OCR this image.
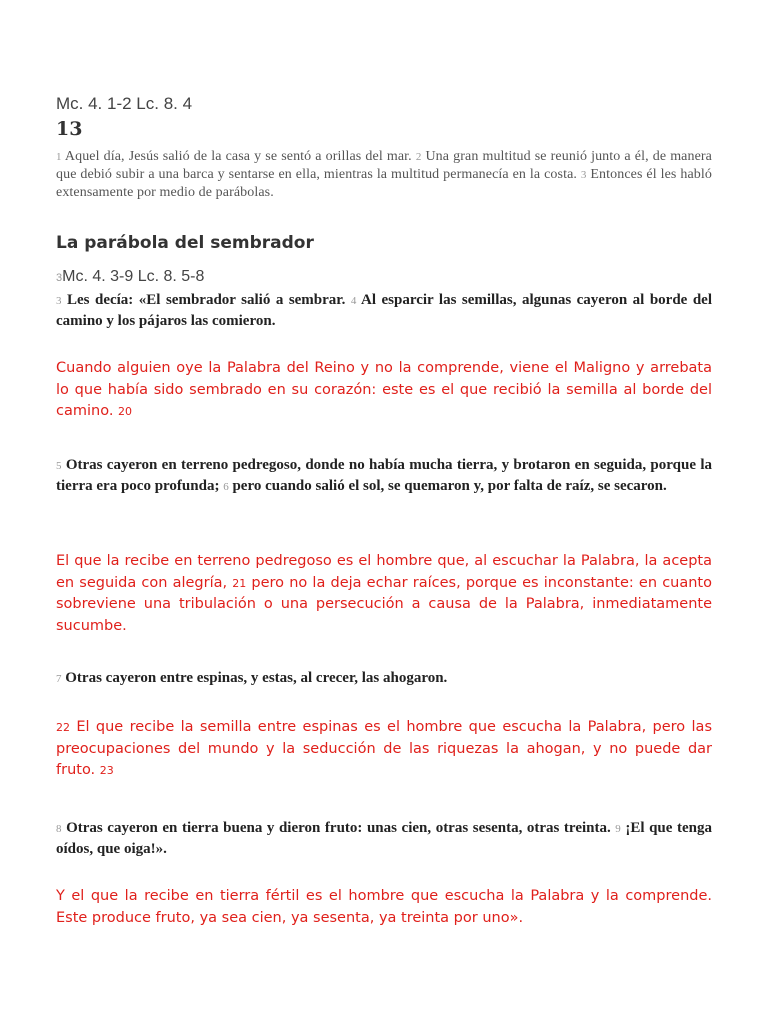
Mc. 4. 1-2 Lc. 8. 4
13
1 Aquel día, Jesús salió de la casa y se sentó a orillas del mar. 2 Una gran multitud se reunió junto a él, de manera que debió subir a una barca y sentarse en ella, mientras la multitud permanecía en la costa. 3 Entonces él les habló extensamente por medio de parábolas.
La parábola del sembrador
3Mc. 4. 3-9 Lc. 8. 5-8
3 Les decía: «El sembrador salió a sembrar. 4 Al esparcir las semillas, algunas cayeron al borde del camino y los pájaros las comieron.
Cuando alguien oye la Palabra del Reino y no la comprende, viene el Maligno y arrebata lo que había sido sembrado en su corazón: este es el que recibió la semilla al borde del camino. 20
5 Otras cayeron en terreno pedregoso, donde no había mucha tierra, y brotaron en seguida, porque la tierra era poco profunda; 6 pero cuando salió el sol, se quemaron y, por falta de raíz, se secaron.
El que la recibe en terreno pedregoso es el hombre que, al escuchar la Palabra, la acepta en seguida con alegría, 21 pero no la deja echar raíces, porque es inconstante: en cuanto sobreviene una tribulación o una persecución a causa de la Palabra, inmediatamente sucumbe.
7 Otras cayeron entre espinas, y estas, al crecer, las ahogaron.
22 El que recibe la semilla entre espinas es el hombre que escucha la Palabra, pero las preocupaciones del mundo y la seducción de las riquezas la ahogan, y no puede dar fruto. 23
8 Otras cayeron en tierra buena y dieron fruto: unas cien, otras sesenta, otras treinta. 9 ¡El que tenga oídos, que oiga!».
Y el que la recibe en tierra fértil es el hombre que escucha la Palabra y la comprende. Este produce fruto, ya sea cien, ya sesenta, ya treinta por uno».
